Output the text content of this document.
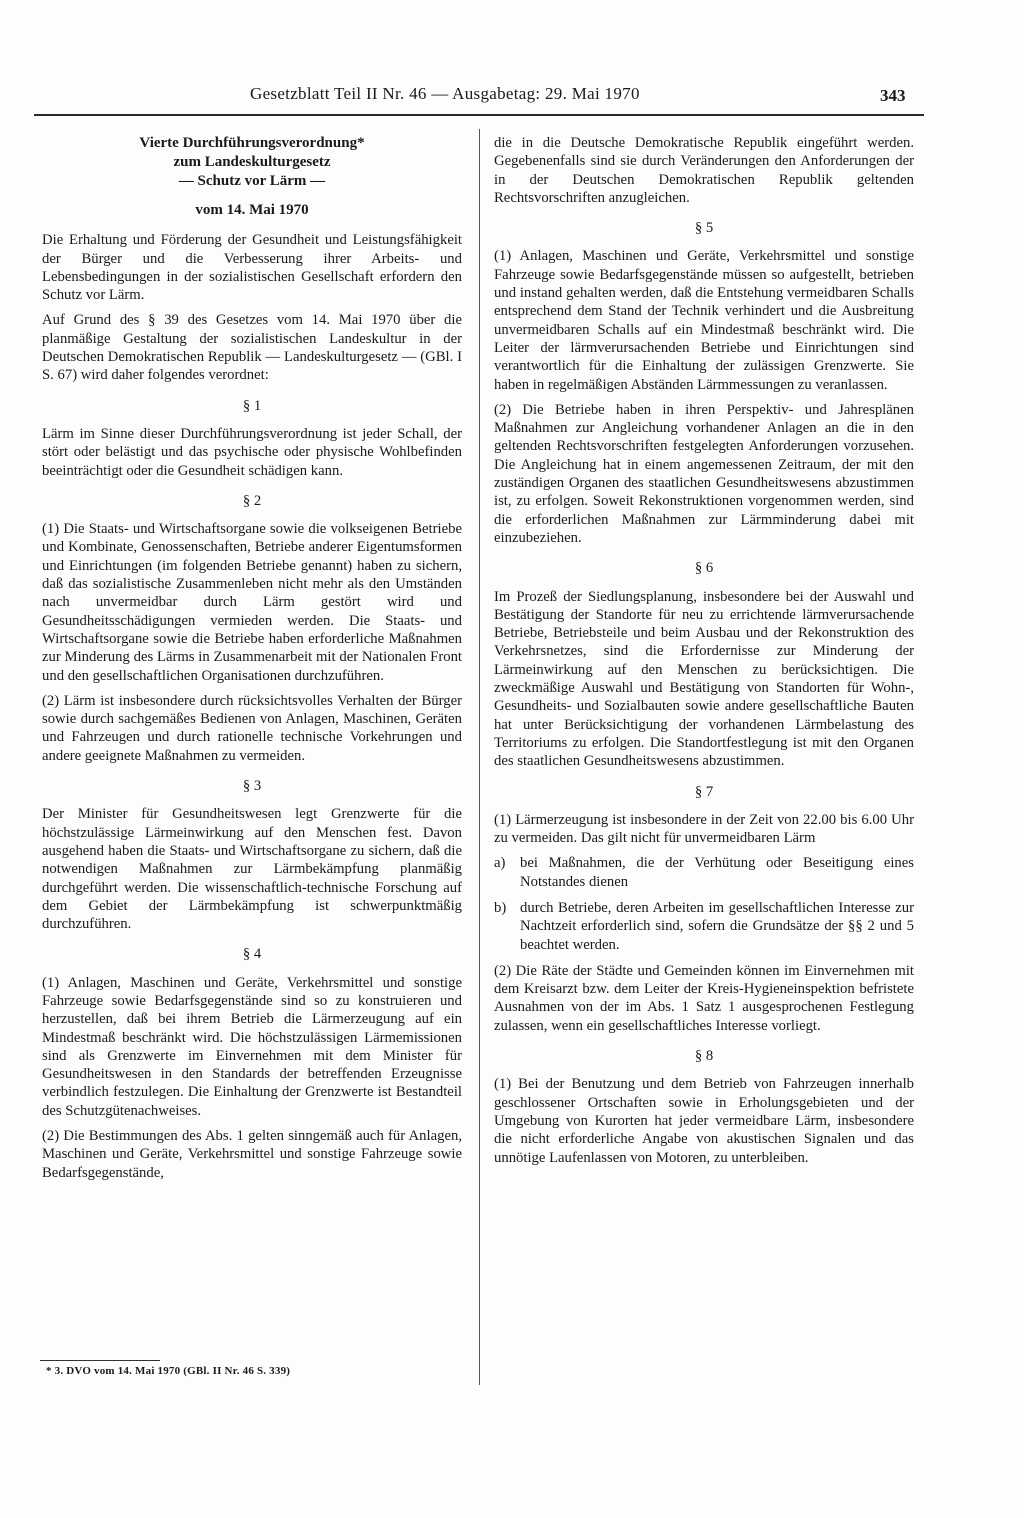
Gesetzblatt Teil II Nr. 46 — Ausgabetag: 29. Mai 1970	343
Vierte Durchführungsverordnung*
zum Landeskulturgesetz
— Schutz vor Lärm —
vom 14. Mai 1970

Die Erhaltung und Förderung der Gesundheit und Leistungsfähigkeit der Bürger und die Verbesserung ihrer Arbeits- und Lebensbedingungen in der sozialistischen Gesellschaft erfordern den Schutz vor Lärm.

Auf Grund des § 39 des Gesetzes vom 14. Mai 1970 über die planmäßige Gestaltung der sozialistischen Landeskultur in der Deutschen Demokratischen Republik — Landeskulturgesetz — (GBl. I S. 67) wird daher folgendes verordnet:

§ 1

Lärm im Sinne dieser Durchführungsverordnung ist jeder Schall, der stört oder belästigt und das psychische oder physische Wohlbefinden beeinträchtigt oder die Gesundheit schädigen kann.

§ 2

(1) Die Staats- und Wirtschaftsorgane sowie die volkseigenen Betriebe und Kombinate, Genossenschaften, Betriebe anderer Eigentumsformen und Einrichtungen (im folgenden Betriebe genannt) haben zu sichern, daß das sozialistische Zusammenleben nicht mehr als den Umständen nach unvermeidbar durch Lärm gestört wird und Gesundheitsschädigungen vermieden werden. Die Staats- und Wirtschaftsorgane sowie die Betriebe haben erforderliche Maßnahmen zur Minderung des Lärms in Zusammenarbeit mit der Nationalen Front und den gesellschaftlichen Organisationen durchzuführen.

(2) Lärm ist insbesondere durch rücksichtsvolles Verhalten der Bürger sowie durch sachgemäßes Bedienen von Anlagen, Maschinen, Geräten und Fahrzeugen und durch rationelle technische Vorkehrungen und andere geeignete Maßnahmen zu vermeiden.

§ 3

Der Minister für Gesundheitswesen legt Grenzwerte für die höchstzulässige Lärmeinwirkung auf den Menschen fest. Davon ausgehend haben die Staats- und Wirtschaftsorgane zu sichern, daß die notwendigen Maßnahmen zur Lärmbekämpfung planmäßig durchgeführt werden. Die wissenschaftlich-technische Forschung auf dem Gebiet der Lärmbekämpfung ist schwerpunktmäßig durchzuführen.

§ 4

(1) Anlagen, Maschinen und Geräte, Verkehrsmittel und sonstige Fahrzeuge sowie Bedarfsgegenstände sind so zu konstruieren und herzustellen, daß bei ihrem Betrieb die Lärmerzeugung auf ein Mindestmaß beschränkt wird. Die höchstzulässigen Lärmemissionen sind als Grenzwerte im Einvernehmen mit dem Minister für Gesundheitswesen in den Standards der betreffenden Erzeugnisse verbindlich festzulegen. Die Einhaltung der Grenzwerte ist Bestandteil des Schutzgütenachweises.

(2) Die Bestimmungen des Abs. 1 gelten sinngemäß auch für Anlagen, Maschinen und Geräte, Verkehrsmittel und sonstige Fahrzeuge sowie Bedarfsgegenstände,

* 3. DVO vom 14. Mai 1970 (GBl. II Nr. 46 S. 339)

die in die Deutsche Demokratische Republik eingeführt werden. Gegebenenfalls sind sie durch Veränderungen den Anforderungen der in der Deutschen Demokratischen Republik geltenden Rechtsvorschriften anzugleichen.

§ 5

(1) Anlagen, Maschinen und Geräte, Verkehrsmittel und sonstige Fahrzeuge sowie Bedarfsgegenstände müssen so aufgestellt, betrieben und instand gehalten werden, daß die Entstehung vermeidbaren Schalls entsprechend dem Stand der Technik verhindert und die Ausbreitung unvermeidbaren Schalls auf ein Mindestmaß beschränkt wird. Die Leiter der lärmverursachenden Betriebe und Einrichtungen sind verantwortlich für die Einhaltung der zulässigen Grenzwerte. Sie haben in regelmäßigen Abständen Lärmmessungen zu veranlassen.

(2) Die Betriebe haben in ihren Perspektiv- und Jahresplänen Maßnahmen zur Angleichung vorhandener Anlagen an die in den geltenden Rechtsvorschriften festgelegten Anforderungen vorzusehen. Die Angleichung hat in einem angemessenen Zeitraum, der mit den zuständigen Organen des staatlichen Gesundheitswesens abzustimmen ist, zu erfolgen. Soweit Rekonstruktionen vorgenommen werden, sind die erforderlichen Maßnahmen zur Lärmminderung dabei mit einzubeziehen.

§ 6

Im Prozeß der Siedlungsplanung, insbesondere bei der Auswahl und Bestätigung der Standorte für neu zu errichtende lärmverursachende Betriebe, Betriebsteile und beim Ausbau und der Rekonstruktion des Verkehrsnetzes, sind die Erfordernisse zur Minderung der Lärmeinwirkung auf den Menschen zu berücksichtigen. Die zweckmäßige Auswahl und Bestätigung von Standorten für Wohn-, Gesundheits- und Sozialbauten sowie andere gesellschaftliche Bauten hat unter Berücksichtigung der vorhandenen Lärmbelastung des Territoriums zu erfolgen. Die Standortfestlegung ist mit den Organen des staatlichen Gesundheitswesens abzustimmen.

§ 7

(1) Lärmerzeugung ist insbesondere in der Zeit von 22.00 bis 6.00 Uhr zu vermeiden. Das gilt nicht für unvermeidbaren Lärm

a) bei Maßnahmen, die der Verhütung oder Beseitigung eines Notstandes dienen
b) durch Betriebe, deren Arbeiten im gesellschaftlichen Interesse zur Nachtzeit erforderlich sind, sofern die Grundsätze der §§ 2 und 5 beachtet werden.

(2) Die Räte der Städte und Gemeinden können im Einvernehmen mit dem Kreisarzt bzw. dem Leiter der Kreis-Hygieneinspektion befristete Ausnahmen von der im Abs. 1 Satz 1 ausgesprochenen Festlegung zulassen, wenn ein gesellschaftliches Interesse vorliegt.

§ 8

(1) Bei der Benutzung und dem Betrieb von Fahrzeugen innerhalb geschlossener Ortschaften sowie in Erholungsgebieten und der Umgebung von Kurorten hat jeder vermeidbare Lärm, insbesondere die nicht erforderliche Angabe von akustischen Signalen und das unnötige Laufenlassen von Motoren, zu unterbleiben.
